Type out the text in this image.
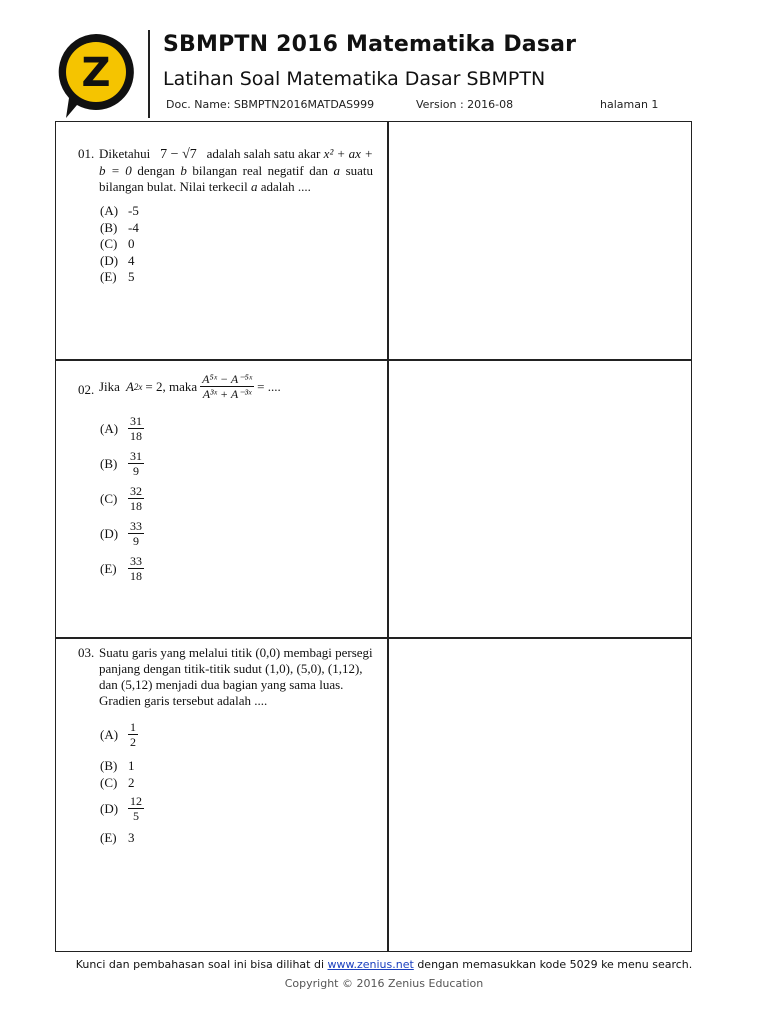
Z
SBMPTN 2016 Matematika Dasar
Latihan Soal Matematika Dasar SBMPTN
Doc. Name: SBMPTN2016MATDAS999	Version : 2016-08	halaman 1
01. Diketahui 7 − √7 adalah salah satu akar x² + ax + b = 0 dengan b bilangan real negatif dan a suatu bilangan bulat. Nilai terkecil a adalah ....
(A) -5
(B) -4
(C) 0
(D) 4
(E) 5
02. Jika A 2x = 2, maka $\frac{\text{A⁵ˣ − A⁻⁵ˣ}}{\text{A³ˣ + A⁻³ˣ}}$ = ....
$(A) \frac{31}{18}$
$(B) \frac{31}{9}$
$(C) \frac{32}{18}$
$(D) \frac{33}{9}$
$(E) \frac{33}{18}$
03. Suatu garis yang melalui titik (0,0) membagi persegi panjang dengan titik-titik sudut (1,0), (5,0), (1,12), dan (5,12) menjadi dua bagian yang sama luas. Gradien garis tersebut adalah ....
$(A) \frac{1}{2}$
(B) 1
(C) 2
$(D) \frac{12}{5}$
(E) 3
Kunci dan pembahasan soal ini bisa dilihat di www.zenius.net dengan memasukkan kode 5029 ke menu search.
Copyright © 2016 Zenius Education
